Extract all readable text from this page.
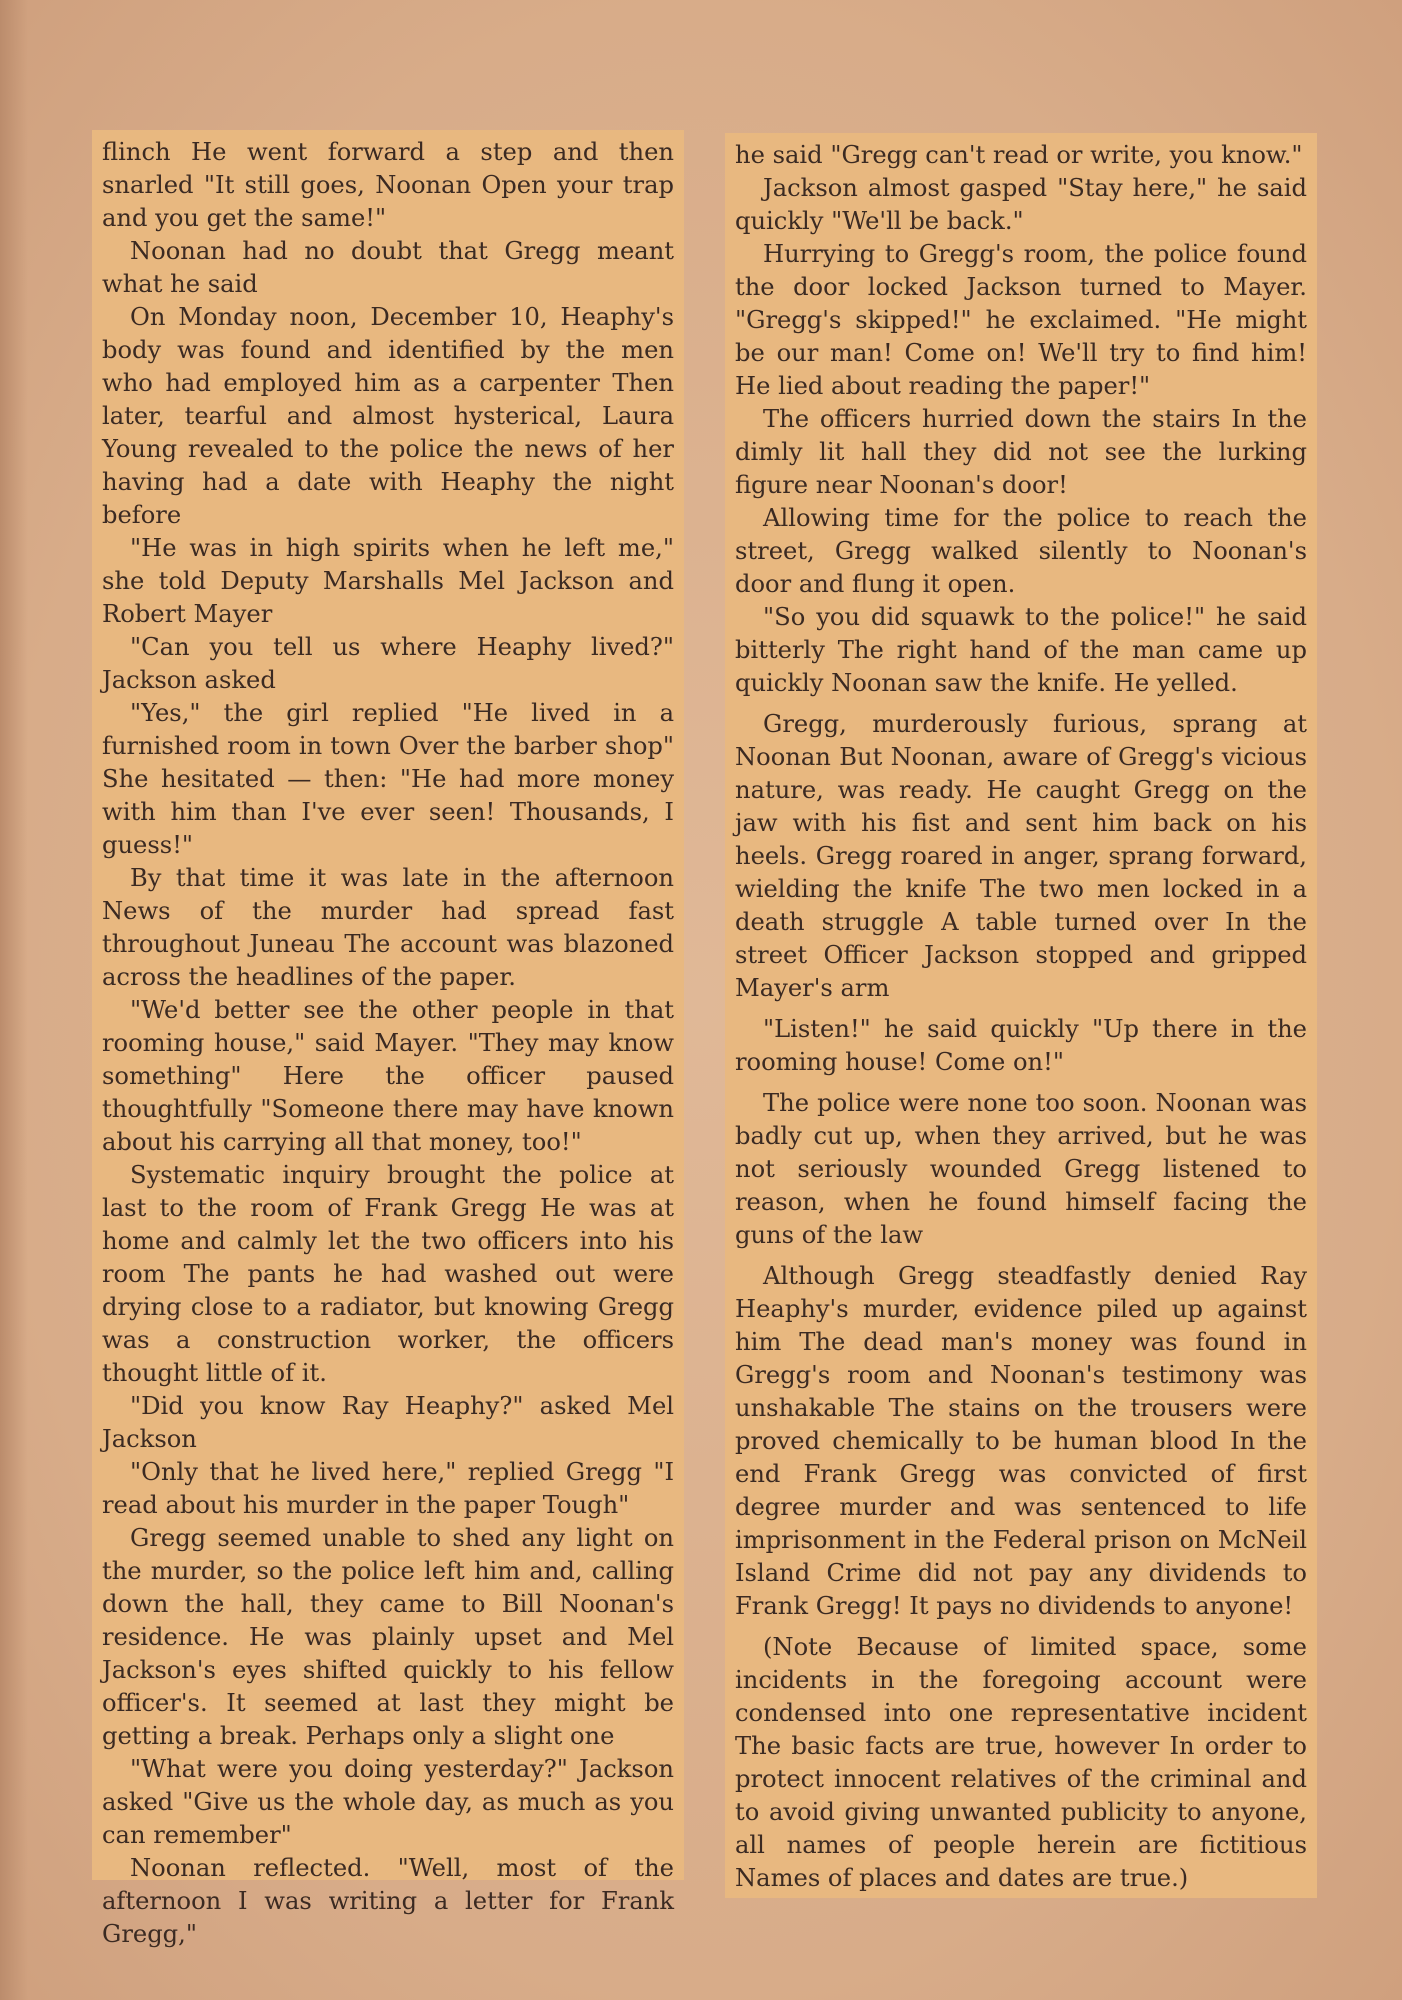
flinch He went forward a step and then snarled "It still goes, Noonan Open your trap and you get the same!"

Noonan had no doubt that Gregg meant what he said

On Monday noon, December 10, Heaphy's body was found and identified by the men who had employed him as a carpenter Then later, tearful and almost hysterical, Laura Young revealed to the police the news of her having had a date with Heaphy the night before

"He was in high spirits when he left me," she told Deputy Marshalls Mel Jackson and Robert Mayer

"Can you tell us where Heaphy lived?" Jackson asked

"Yes," the girl replied "He lived in a furnished room in town Over the barber shop" She hesitated — then: "He had more money with him than I've ever seen! Thousands, I guess!"

By that time it was late in the afternoon News of the murder had spread fast throughout Juneau The account was blazoned across the headlines of the paper.

"We'd better see the other people in that rooming house," said Mayer. "They may know something" Here the officer paused thoughtfully "Someone there may have known about his carrying all that money, too!"

Systematic inquiry brought the police at last to the room of Frank Gregg He was at home and calmly let the two officers into his room The pants he had washed out were drying close to a radiator, but knowing Gregg was a construction worker, the officers thought little of it.

"Did you know Ray Heaphy?" asked Mel Jackson

"Only that he lived here," replied Gregg "I read about his murder in the paper Tough"

Gregg seemed unable to shed any light on the murder, so the police left him and, calling down the hall, they came to Bill Noonan's residence. He was plainly upset and Mel Jackson's eyes shifted quickly to his fellow officer's. It seemed at last they might be getting a break. Perhaps only a slight one

"What were you doing yesterday?" Jackson asked "Give us the whole day, as much as you can remember"

Noonan reflected. "Well, most of the afternoon I was writing a letter for Frank Gregg,"

he said "Gregg can't read or write, you know."

Jackson almost gasped "Stay here," he said quickly "We'll be back."

Hurrying to Gregg's room, the police found the door locked Jackson turned to Mayer. "Gregg's skipped!" he exclaimed. "He might be our man! Come on! We'll try to find him! He lied about reading the paper!"

The officers hurried down the stairs In the dimly lit hall they did not see the lurking figure near Noonan's door!

Allowing time for the police to reach the street, Gregg walked silently to Noonan's door and flung it open.

"So you did squawk to the police!" he said bitterly The right hand of the man came up quickly Noonan saw the knife. He yelled.

Gregg, murderously furious, sprang at Noonan But Noonan, aware of Gregg's vicious nature, was ready. He caught Gregg on the jaw with his fist and sent him back on his heels. Gregg roared in anger, sprang forward, wielding the knife The two men locked in a death struggle A table turned over In the street Officer Jackson stopped and gripped Mayer's arm

"Listen!" he said quickly "Up there in the rooming house! Come on!"

The police were none too soon. Noonan was badly cut up, when they arrived, but he was not seriously wounded Gregg listened to reason, when he found himself facing the guns of the law

Although Gregg steadfastly denied Ray Heaphy's murder, evidence piled up against him The dead man's money was found in Gregg's room and Noonan's testimony was unshakable The stains on the trousers were proved chemically to be human blood In the end Frank Gregg was convicted of first degree murder and was sentenced to life imprisonment in the Federal prison on McNeil Island Crime did not pay any dividends to Frank Gregg! It pays no dividends to anyone!

(Note Because of limited space, some incidents in the foregoing account were condensed into one representative incident The basic facts are true, however In order to protect innocent relatives of the criminal and to avoid giving unwanted publicity to anyone, all names of people herein are fictitious Names of places and dates are true.)
